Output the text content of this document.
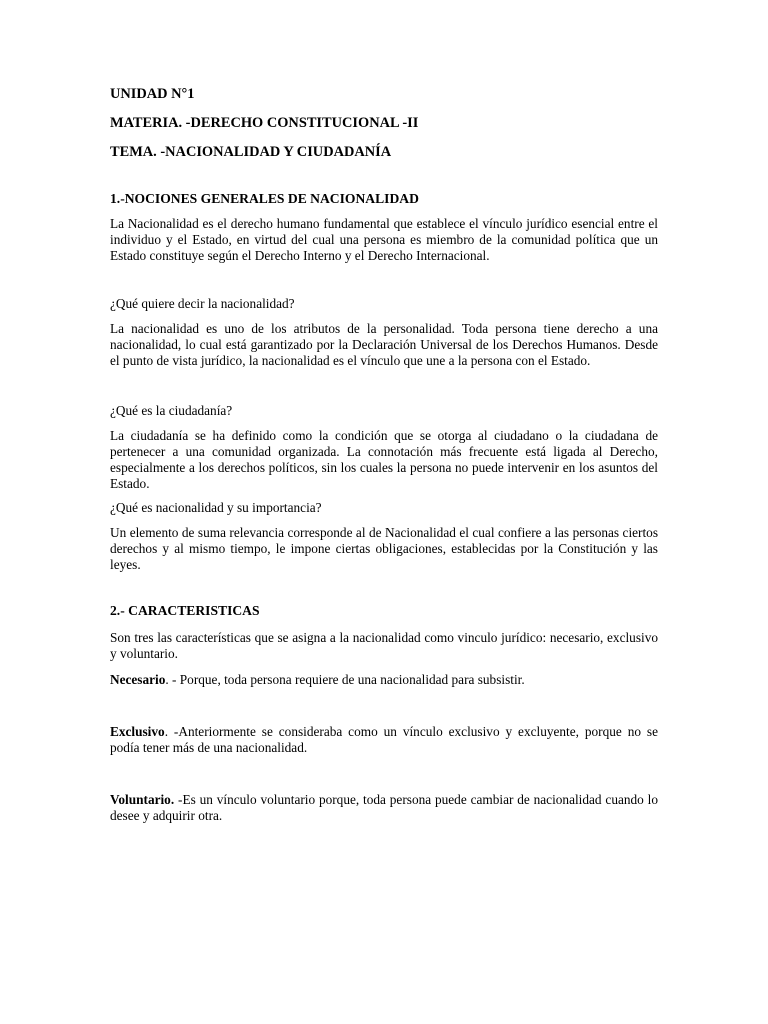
UNIDAD N°1
MATERIA. -DERECHO CONSTITUCIONAL -II
TEMA. -NACIONALIDAD Y CIUDADANÍA
1.-NOCIONES GENERALES DE NACIONALIDAD

La Nacionalidad es el derecho humano fundamental que establece el vínculo jurídico esencial entre el individuo y el Estado, en virtud del cual una persona es miembro de la comunidad política que un Estado constituye según el Derecho Interno y el Derecho Internacional.

¿Qué quiere decir la nacionalidad?

La nacionalidad es uno de los atributos de la personalidad. Toda persona tiene derecho a una nacionalidad, lo cual está garantizado por la Declaración Universal de los Derechos Humanos. Desde el punto de vista jurídico, la nacionalidad es el vínculo que une a la persona con el Estado.

¿Qué es la ciudadanía?

La ciudadanía se ha definido como la condición que se otorga al ciudadano o la ciudadana de pertenecer a una comunidad organizada. La connotación más frecuente está ligada al Derecho, especialmente a los derechos políticos, sin los cuales la persona no puede intervenir en los asuntos del Estado.

¿Qué es nacionalidad y su importancia?

Un elemento de suma relevancia corresponde al de Nacionalidad el cual confiere a las personas ciertos derechos y al mismo tiempo, le impone ciertas obligaciones, establecidas por la Constitución y las leyes.

2.- CARACTERISTICAS

Son tres las características que se asigna a la nacionalidad como vinculo jurídico: necesario, exclusivo y voluntario.

Necesario. - Porque, toda persona requiere de una nacionalidad para subsistir.

Exclusivo. -Anteriormente se consideraba como un vínculo exclusivo y excluyente, porque no se podía tener más de una nacionalidad.

Voluntario. -Es un vínculo voluntario porque, toda persona puede cambiar de nacionalidad cuando lo desee y adquirir otra.
